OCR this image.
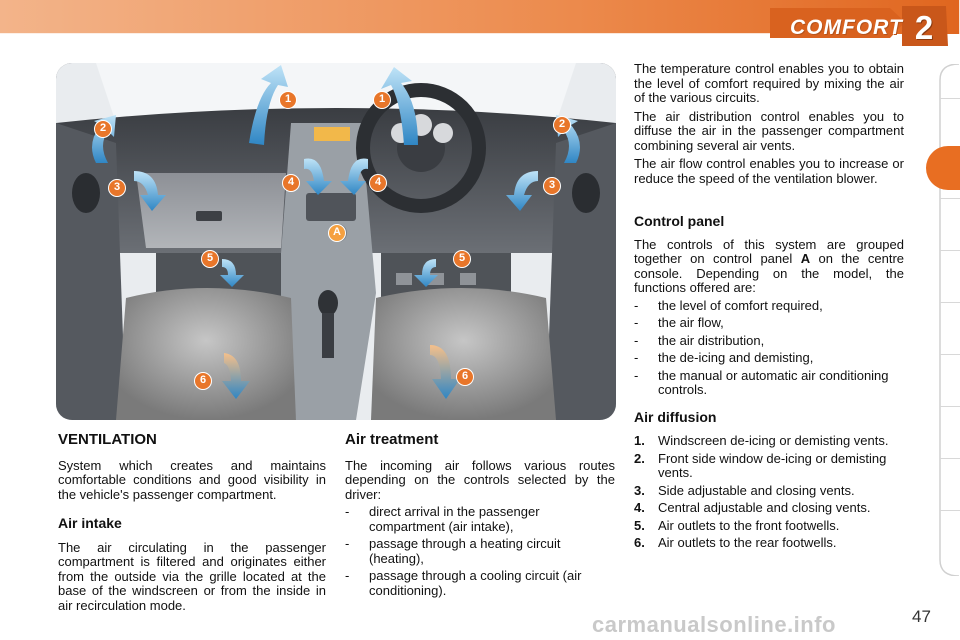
COMFORT 2
1	1
2	2
3	3
4	4
A
5	5
6	6
VENTILATION

System which creates and maintains comfortable conditions and good visibility in the vehicle's passenger compartment.

Air intake

The air circulating in the passenger compartment is filtered and originates either from the outside via the grille located at the base of the windscreen or from the inside in air recirculation mode.

Air treatment

The incoming air follows various routes depending on the controls selected by the driver:

- direct arrival in the passenger compartment (air intake),
- passage through a heating circuit (heating),
- passage through a cooling circuit (air conditioning).

The temperature control enables you to obtain the level of comfort required by mixing the air of the various circuits.

The air distribution control enables you to diffuse the air in the passenger compartment combining several air vents.

The air flow control enables you to increase or reduce the speed of the ventilation blower.

Control panel

The controls of this system are grouped together on control panel A on the centre console. Depending on the model, the functions offered are:

- the level of comfort required,
- the air flow,
- the air distribution,
- the de-icing and demisting,
- the manual or automatic air conditioning controls.
Air diffusion
1. Windscreen de-icing or demisting vents.
2. Front side window de-icing or demisting vents.
3. Side adjustable and closing vents.
4. Central adjustable and closing vents.
5. Air outlets to the front footwells.
6. Air outlets to the rear footwells.
carmanualsonline.info	47
